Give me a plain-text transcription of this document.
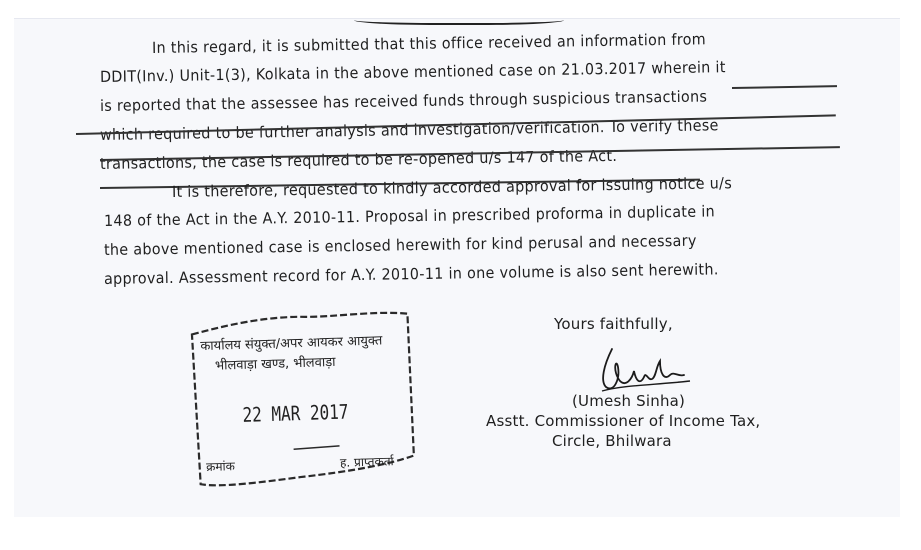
In this regard, it is submitted that this office received an information from
DDIT(Inv.) Unit-1(3), Kolkata in the above mentioned case on 21.03.2017 wherein it
is reported that the assessee has received funds through suspicious transactions
which required to be further analysis and investigation/verification. To verify these
transactions, the case is required to be re-opened u/s 147 of the Act.
It is therefore, requested to kindly accorded approval for issuing notice u/s
148 of the Act in the A.Y. 2010-11. Proposal in prescribed proforma in duplicate in
the above mentioned case is enclosed herewith for kind perusal and necessary
approval. Assessment record for A.Y. 2010-11 in one volume is also sent herewith.
Yours faithfully,
(Umesh Sinha)
Asstt. Commissioner of Income Tax,
Circle, Bhilwara
कार्यालय संयुक्त/अपर आयकर आयुक्त
भीलवाड़ा खण्ड, भीलवाड़ा
22 MAR 2017
क्रमांक	ह. प्राप्तकर्ता
